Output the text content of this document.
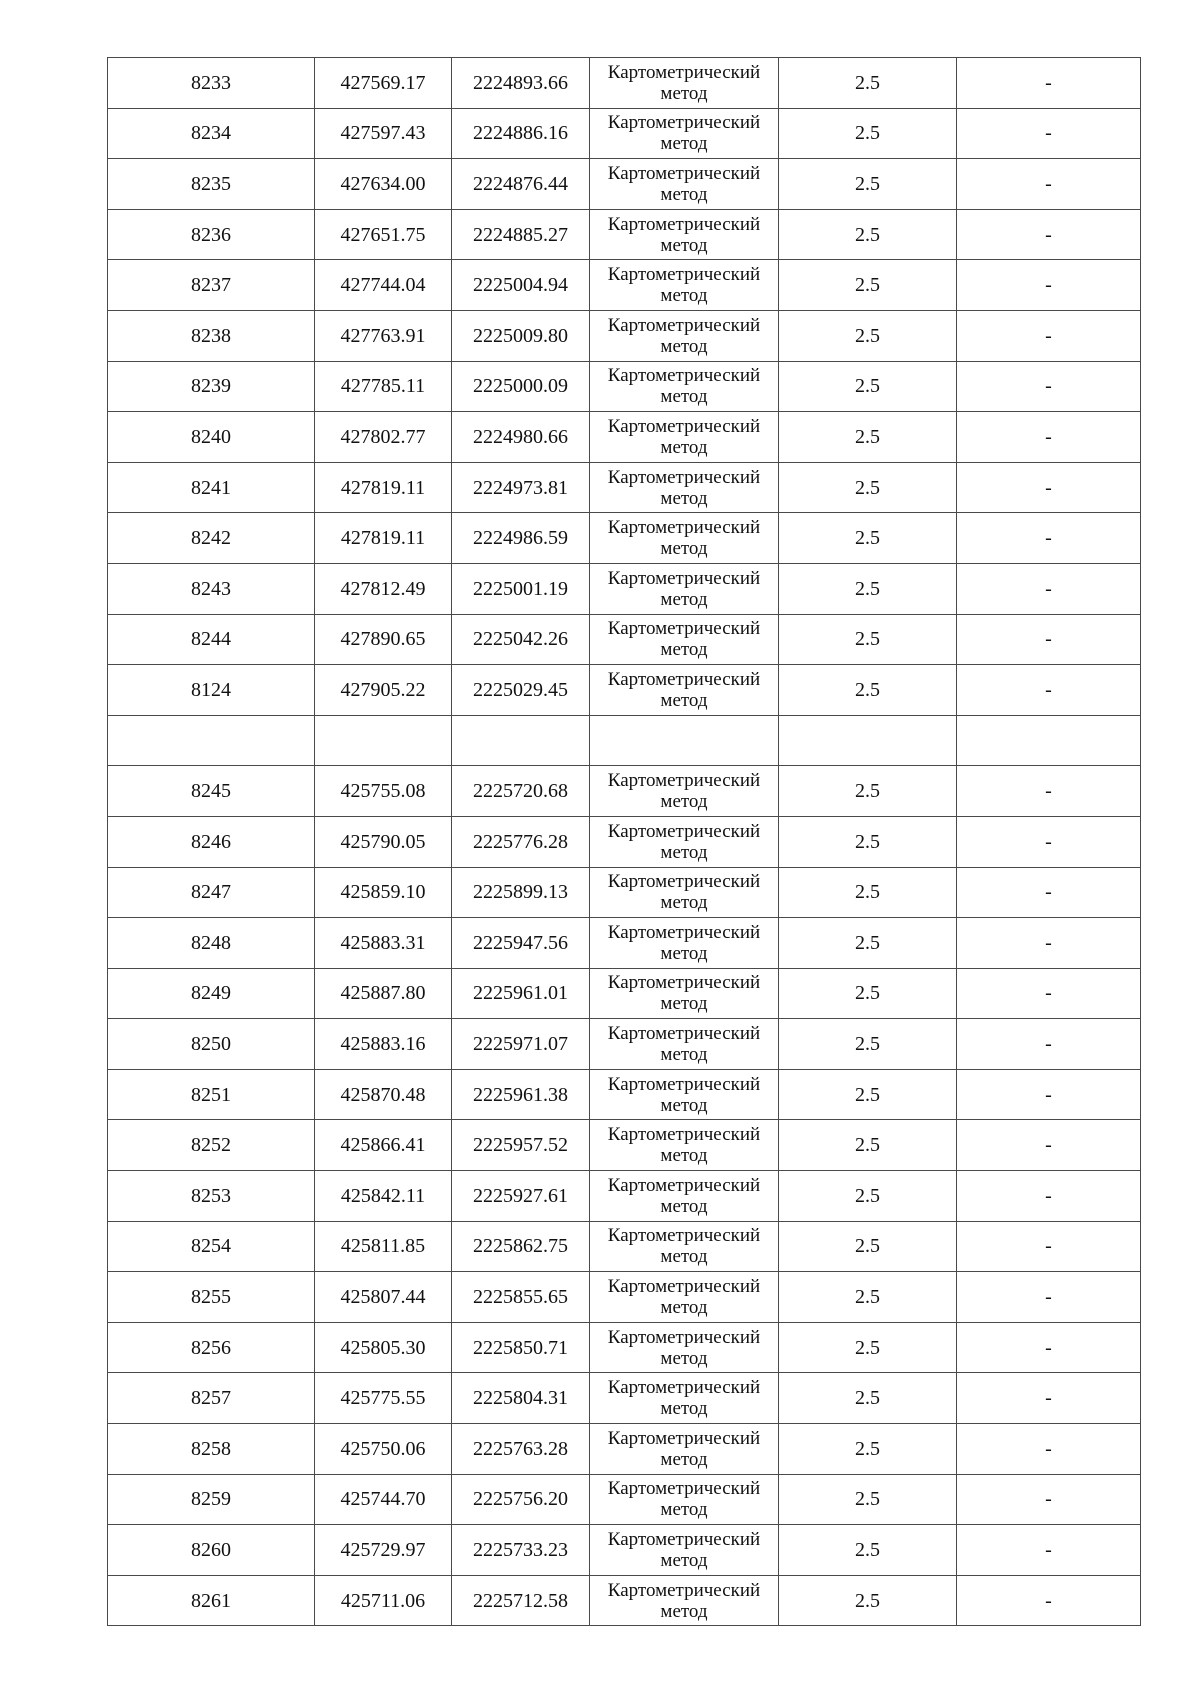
8233	427569.17	2224893.66	Картометрический
метод	2.5	-
8234	427597.43	2224886.16	Картометрический
метод	2.5	-
8235	427634.00	2224876.44	Картометрический
метод	2.5	-
8236	427651.75	2224885.27	Картометрический
метод	2.5	-
8237	427744.04	2225004.94	Картометрический
метод	2.5	-
8238	427763.91	2225009.80	Картометрический
метод	2.5	-
8239	427785.11	2225000.09	Картометрический
метод	2.5	-
8240	427802.77	2224980.66	Картометрический
метод	2.5	-
8241	427819.11	2224973.81	Картометрический
метод	2.5	-
8242	427819.11	2224986.59	Картометрический
метод	2.5	-
8243	427812.49	2225001.19	Картометрический
метод	2.5	-
8244	427890.65	2225042.26	Картометрический
метод	2.5	-
8124	427905.22	2225029.45	Картометрический
метод	2.5	-

8245	425755.08	2225720.68	Картометрический
метод	2.5	-
8246	425790.05	2225776.28	Картометрический
метод	2.5	-
8247	425859.10	2225899.13	Картометрический
метод	2.5	-
8248	425883.31	2225947.56	Картометрический
метод	2.5	-
8249	425887.80	2225961.01	Картометрический
метод	2.5	-
8250	425883.16	2225971.07	Картометрический
метод	2.5	-
8251	425870.48	2225961.38	Картометрический
метод	2.5	-
8252	425866.41	2225957.52	Картометрический
метод	2.5	-
8253	425842.11	2225927.61	Картометрический
метод	2.5	-
8254	425811.85	2225862.75	Картометрический
метод	2.5	-
8255	425807.44	2225855.65	Картометрический
метод	2.5	-
8256	425805.30	2225850.71	Картометрический
метод	2.5	-
8257	425775.55	2225804.31	Картометрический
метод	2.5	-
8258	425750.06	2225763.28	Картометрический
метод	2.5	-
8259	425744.70	2225756.20	Картометрический
метод	2.5	-
8260	425729.97	2225733.23	Картометрический
метод	2.5	-
8261	425711.06	2225712.58	Картометрический
метод	2.5	-
